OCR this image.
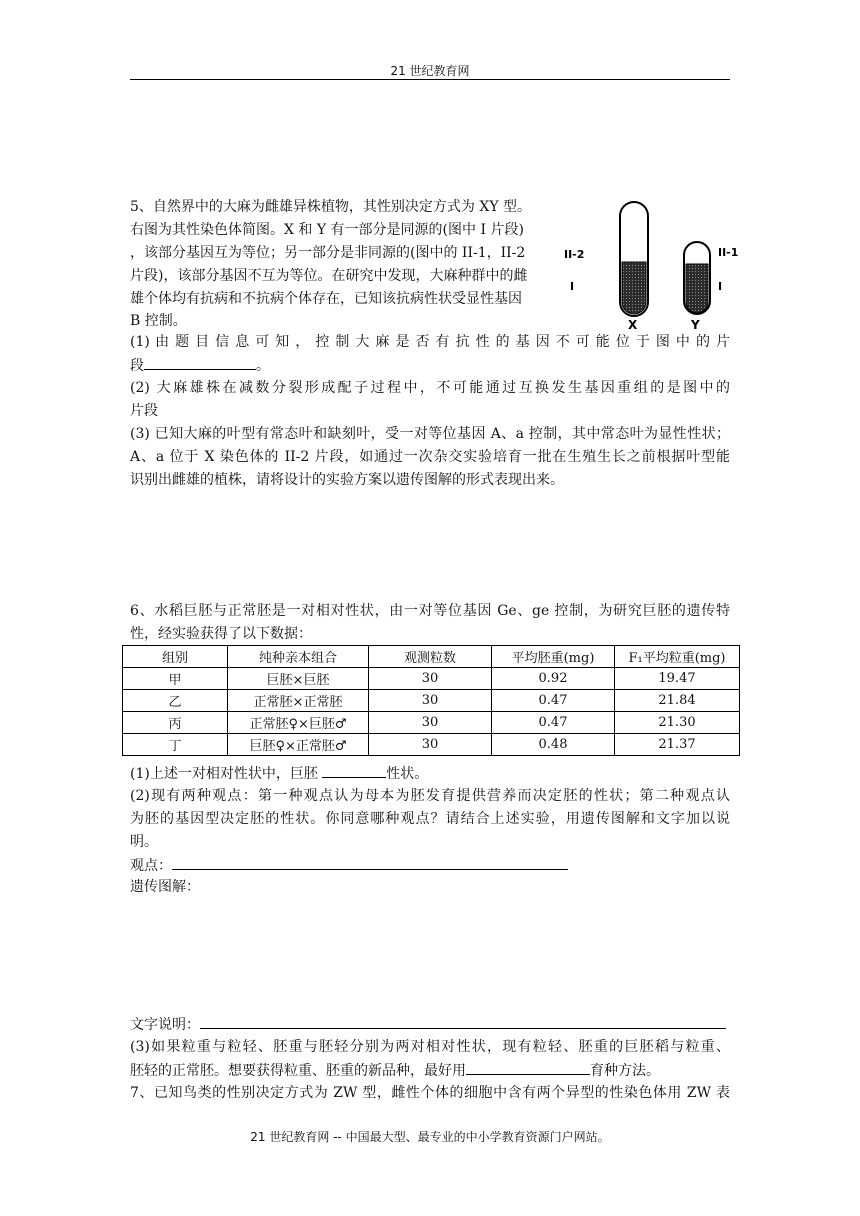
21 世纪教育网
5、自然界中的大麻为雌雄异株植物，其性别决定方式为 XY 型。
右图为其性染色体简图。X 和 Y 有一部分是同源的(图中 I 片段)
，该部分基因互为等位；另一部分是非同源的(图中的 II-1，II-2
片段)，该部分基因不互为等位。在研究中发现，大麻种群中的雌
雄个体均有抗病和不抗病个体存在，已知该抗病性状受显性基因
B 控制。
II-2
I
II-1
I
X	Y
(1) 由 题 目 信 息 可 知 ， 控 制 大 麻 是 否 有 抗 性 的 基 因 不 可 能 位 于 图 中 的 片
段	。
(2) 大麻雄株在减数分裂形成配子过程中，不可能通过互换发生基因重组的是图中的
片段
(3) 已知大麻的叶型有常态叶和缺刻叶，受一对等位基因 A、a 控制，其中常态叶为显性性状；
A、a 位于 X 染色体的 II-2 片段，如通过一次杂交实验培育一批在生殖生长之前根据叶型能
识别出雌雄的植株，请将设计的实验方案以遗传图解的形式表现出来。
6、水稻巨胚与正常胚是一对相对性状，由一对等位基因 Ge、ge 控制，为研究巨胚的遗传特
性，经实验获得了以下数据：
组别	纯种亲本组合	观测粒数	平均胚重(mg)	F₁平均粒重(mg)
甲	巨胚×巨胚	30	0.92	19.47
乙	正常胚×正常胚	30	0.47	21.84
丙	正常胚♀×巨胚♂	30	0.47	21.30
丁	巨胚♀×正常胚♂	30	0.48	21.37
(1)上述一对相对性状中，巨胚	性状。
(2)现有两种观点：第一种观点认为母本为胚发育提供营养而决定胚的性状；第二种观点认
为胚的基因型决定胚的性状。你同意哪种观点？请结合上述实验，用遗传图解和文字加以说
明。
观点：
遗传图解：
文字说明：
(3)如果粒重与粒轻、胚重与胚轻分别为两对相对性状，现有粒轻、胚重的巨胚稻与粒重、
胚轻的正常胚。想要获得粒重、胚重的新品种，最好用	育种方法。
7、已知鸟类的性别决定方式为 ZW 型，雌性个体的细胞中含有两个异型的性染色体用 ZW 表
21 世纪教育网 -- 中国最大型、最专业的中小学教育资源门户网站。
